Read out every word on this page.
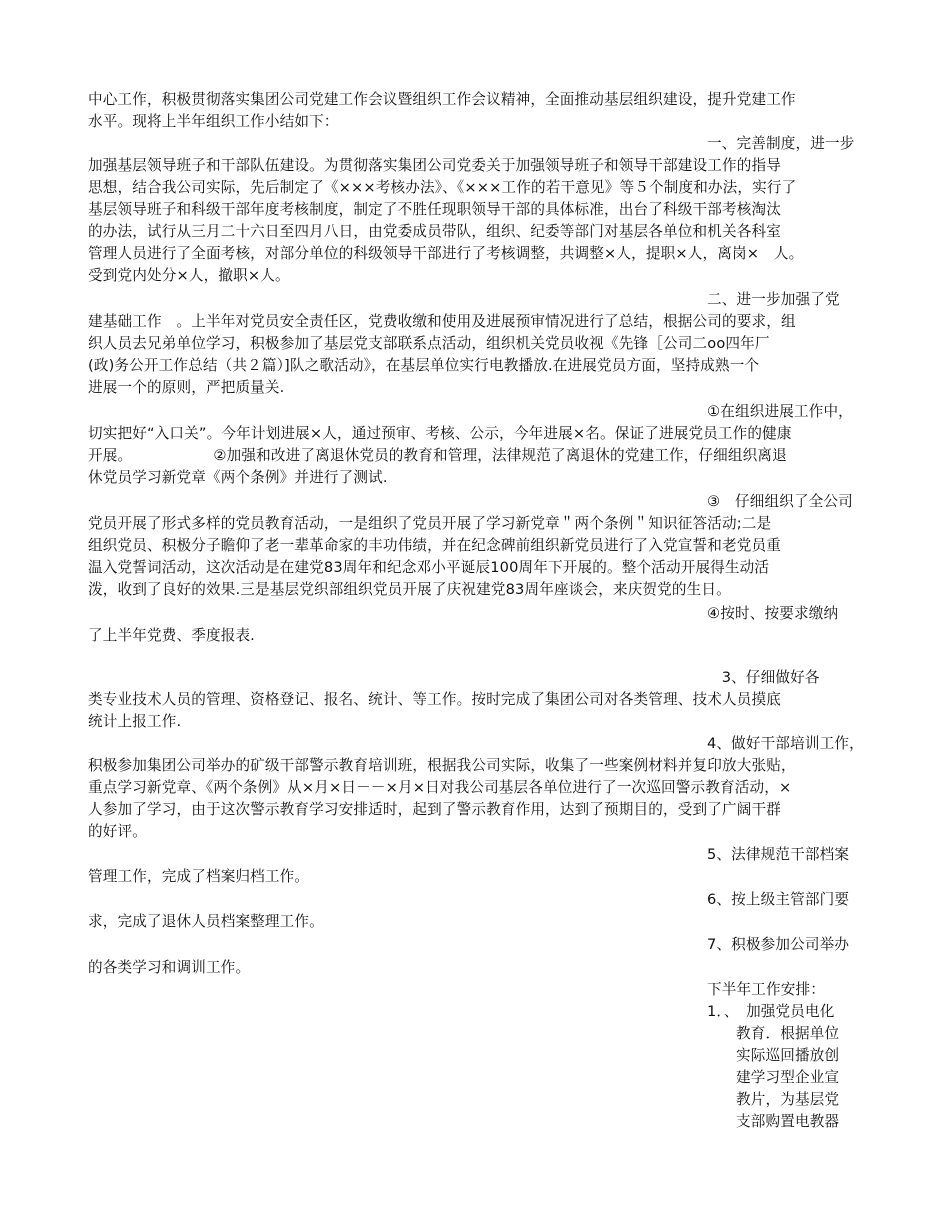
中心工作，积极贯彻落实集团公司党建工作会议暨组织工作会议精神，全面推动基层组织建设，提升党建工作

水平。现将上半年组织工作小结如下：

一、完善制度，进一步

加强基层领导班子和干部队伍建设。为贯彻落实集团公司党委关于加强领导班子和领导干部建设工作的指导

思想，结合我公司实际，先后制定了《×××考核办法》、《×××工作的若干意见》等５个制度和办法，实行了

基层领导班子和科级干部年度考核制度，制定了不胜任现职领导干部的具体标准，出台了科级干部考核淘汰

的办法，试行从三月二十六日至四月八日，由党委成员带队，组织、纪委等部门对基层各单位和机关各科室

管理人员进行了全面考核，对部分单位的科级领导干部进行了考核调整，共调整×人，提职×人，离岗×　人。

受到党内处分×人，撤职×人。

二、进一步加强了党

建基础工作　。上半年对党员安全责任区，党费收缴和使用及进展预审情况进行了总结，根据公司的要求，组

织人员去兄弟单位学习，积极参加了基层党支部联系点活动，组织机关党员收视《先锋［公司二oo四年厂

(政)务公开工作总结（共２篇）]队之歌活动》，在基层单位实行电教播放.在进展党员方面，坚持成熟一个

进展一个的原则，严把质量关.

①在组织进展工作中，

切实把好“入口关”。今年计划进展×人，通过预审、考核、公示，今年进展×名。保证了进展党员工作的健康

开展。　　　　　　②加强和改进了离退休党员的教育和管理，法律规范了离退休的党建工作，仔细组织离退

休党员学习新党章《两个条例》并进行了测试.

③　仔细组织了全公司

党员开展了形式多样的党员教育活动，一是组织了党员开展了学习新党章＂两个条例＂知识征答活动;二是

组织党员、积极分子瞻仰了老一辈革命家的丰功伟绩，并在纪念碑前组织新党员进行了入党宣誓和老党员重

温入党誓词活动，这次活动是在建党83周年和纪念邓小平诞辰100周年下开展的。整个活动开展得生动活

泼，收到了良好的效果.三是基层党织部组织党员开展了庆祝建党83周年座谈会，来庆贺党的生日。

④按时、按要求缴纳

了上半年党费、季度报表.

　3、仔细做好各

类专业技术人员的管理、资格登记、报名、统计、等工作。按时完成了集团公司对各类管理、技术人员摸底

统计上报工作.

4、做好干部培训工作，

积极参加集团公司举办的矿级干部警示教育培训班，根据我公司实际，收集了一些案例材料并复印放大张贴，

重点学习新党章、《两个条例》从×月×日－－×月×日对我公司基层各单位进行了一次巡回警示教育活动，×

人参加了学习，由于这次警示教育学习安排适时，起到了警示教育作用，达到了预期目的，受到了广阔干群

的好评。

5、法律规范干部档案

管理工作，完成了档案归档工作。

6、按上级主管部门要

求，完成了退休人员档案整理工作。

7、积极参加公司举办

的各类学习和调训工作。

下半年工作安排：

1．、　加强党员电化

教育．根据单位

实际巡回播放创

建学习型企业宣

教片，为基层党

支部购置电教器
